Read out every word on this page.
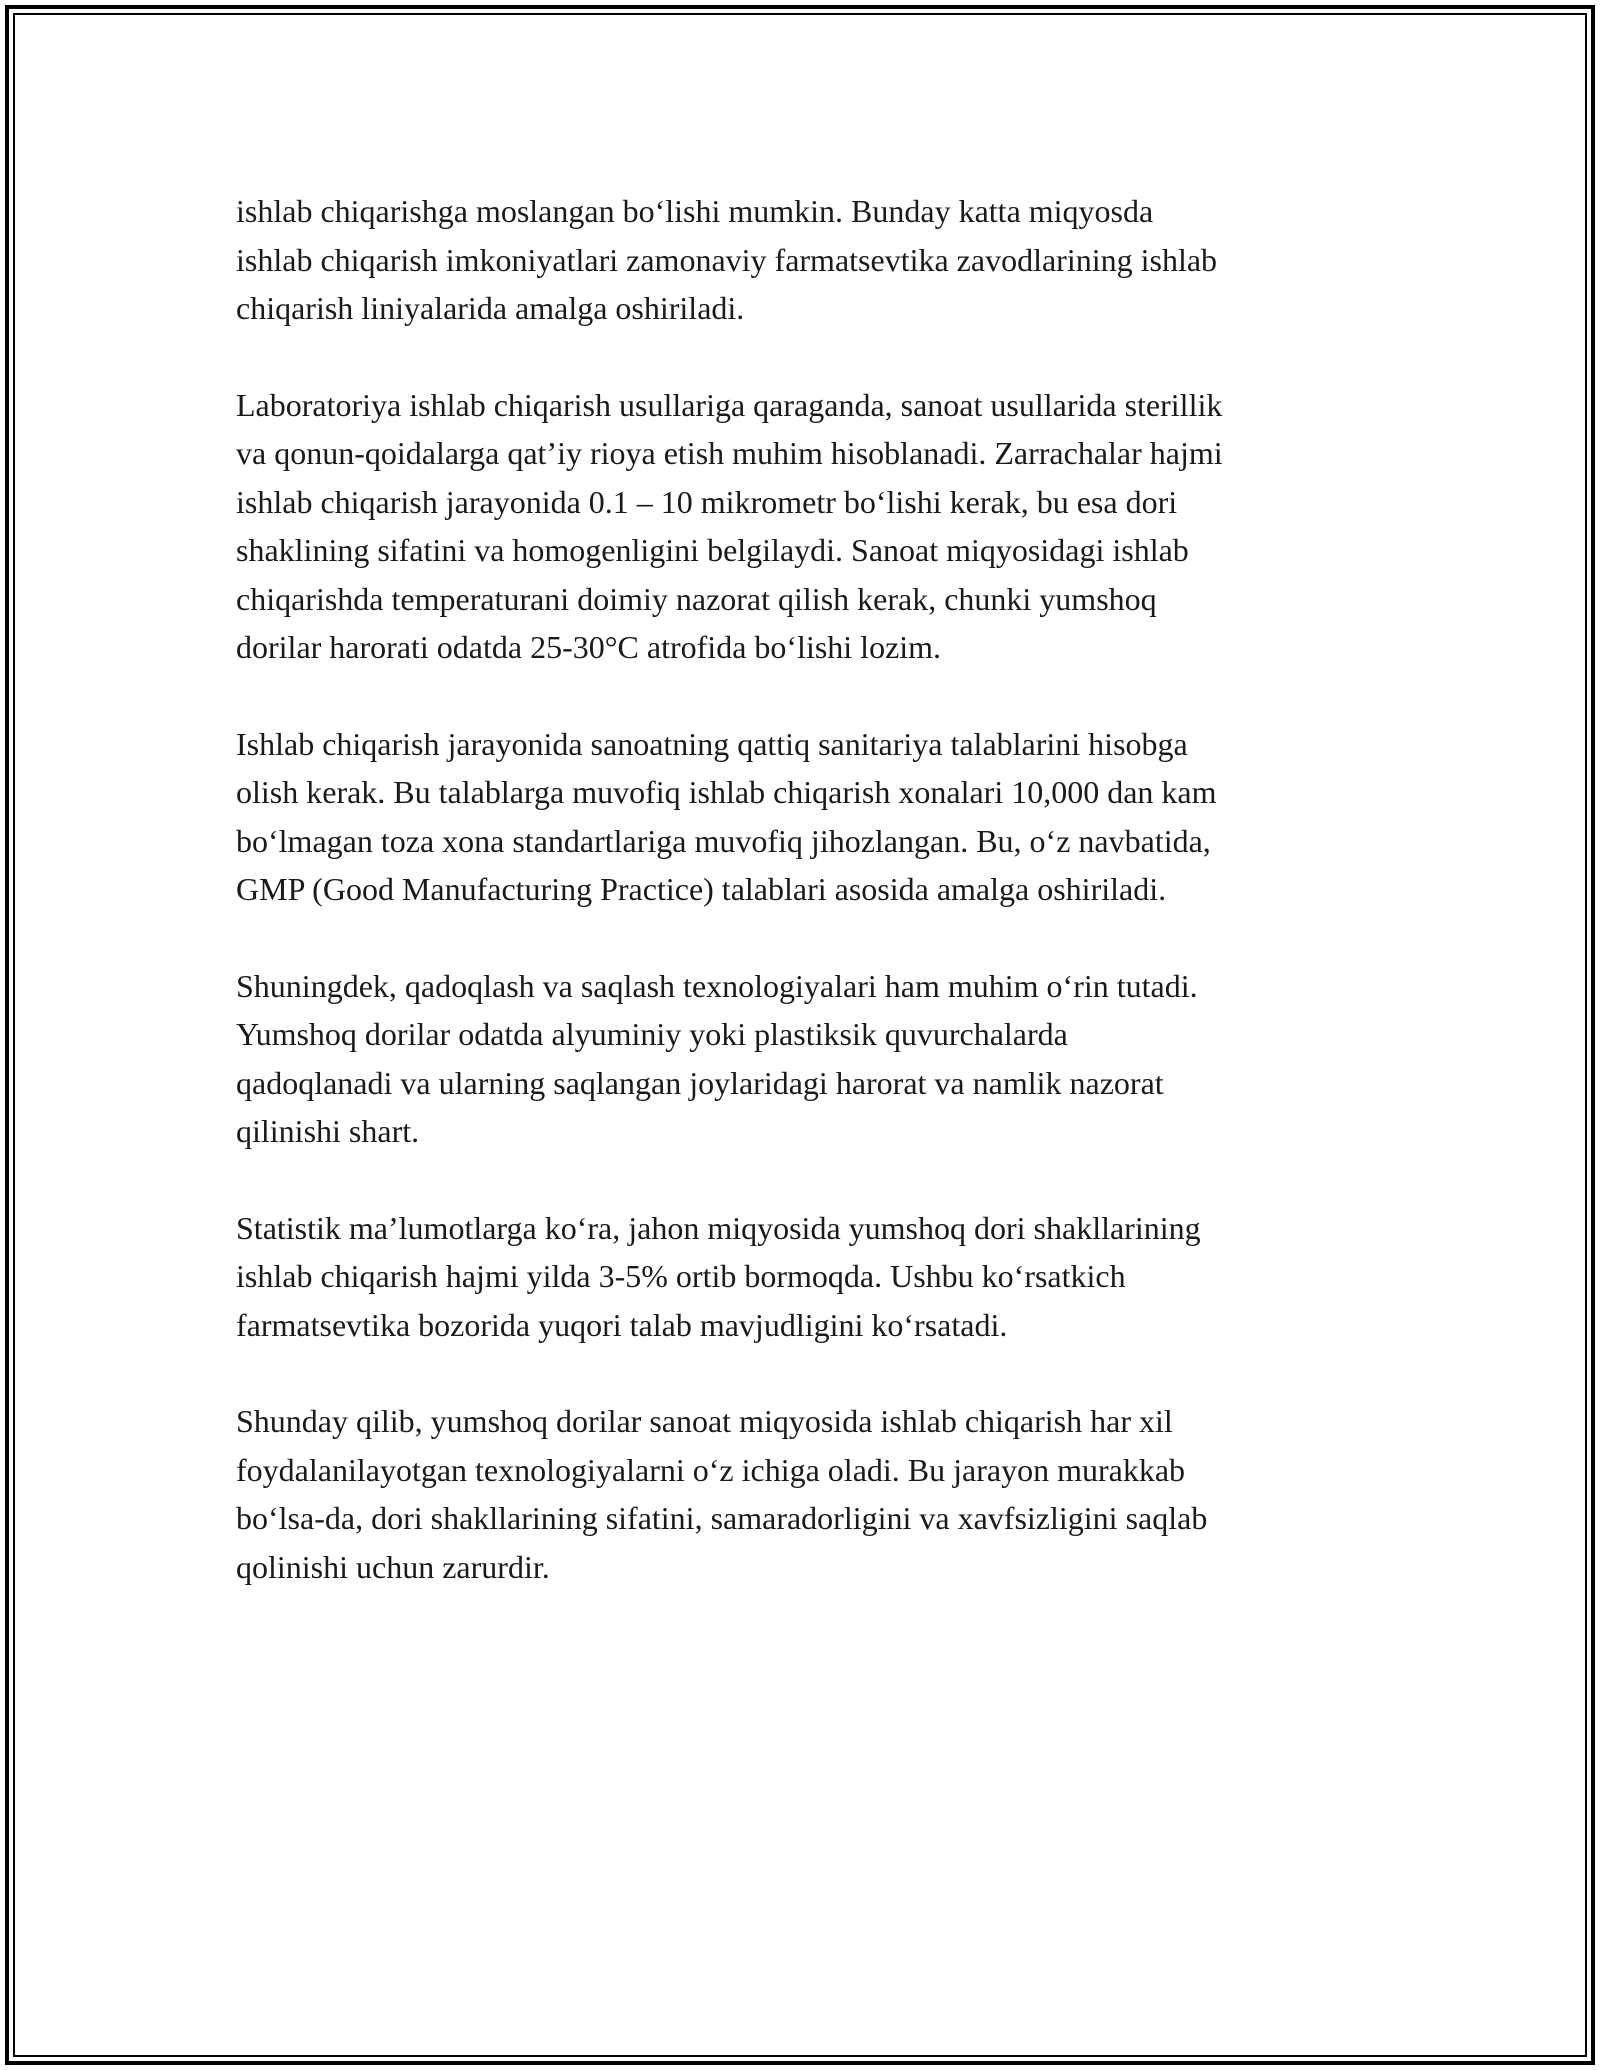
ishlab chiqarishga moslangan bo‘lishi mumkin. Bunday katta miqyosda
ishlab chiqarish imkoniyatlari zamonaviy farmatsevtika zavodlarining ishlab
chiqarish liniyalarida amalga oshiriladi.

Laboratoriya ishlab chiqarish usullariga qaraganda, sanoat usullarida sterillik
va qonun-qoidalarga qat’iy rioya etish muhim hisoblanadi. Zarrachalar hajmi
ishlab chiqarish jarayonida 0.1 – 10 mikrometr bo‘lishi kerak, bu esa dori
shaklining sifatini va homogenligini belgilaydi. Sanoat miqyosidagi ishlab
chiqarishda temperaturani doimiy nazorat qilish kerak, chunki yumshoq
dorilar harorati odatda 25-30°C atrofida bo‘lishi lozim.

Ishlab chiqarish jarayonida sanoatning qattiq sanitariya talablarini hisobga
olish kerak. Bu talablarga muvofiq ishlab chiqarish xonalari 10,000 dan kam
bo‘lmagan toza xona standartlariga muvofiq jihozlangan. Bu, o‘z navbatida,
GMP (Good Manufacturing Practice) talablari asosida amalga oshiriladi.

Shuningdek, qadoqlash va saqlash texnologiyalari ham muhim o‘rin tutadi.
Yumshoq dorilar odatda alyuminiy yoki plastiksik quvurchalarda
qadoqlanadi va ularning saqlangan joylaridagi harorat va namlik nazorat
qilinishi shart.

Statistik ma’lumotlarga ko‘ra, jahon miqyosida yumshoq dori shakllarining
ishlab chiqarish hajmi yilda 3-5% ortib bormoqda. Ushbu ko‘rsatkich
farmatsevtika bozorida yuqori talab mavjudligini ko‘rsatadi.

Shunday qilib, yumshoq dorilar sanoat miqyosida ishlab chiqarish har xil
foydalanilayotgan texnologiyalarni o‘z ichiga oladi. Bu jarayon murakkab
bo‘lsa-da, dori shakllarining sifatini, samaradorligini va xavfsizligini saqlab
qolinishi uchun zarurdir.
